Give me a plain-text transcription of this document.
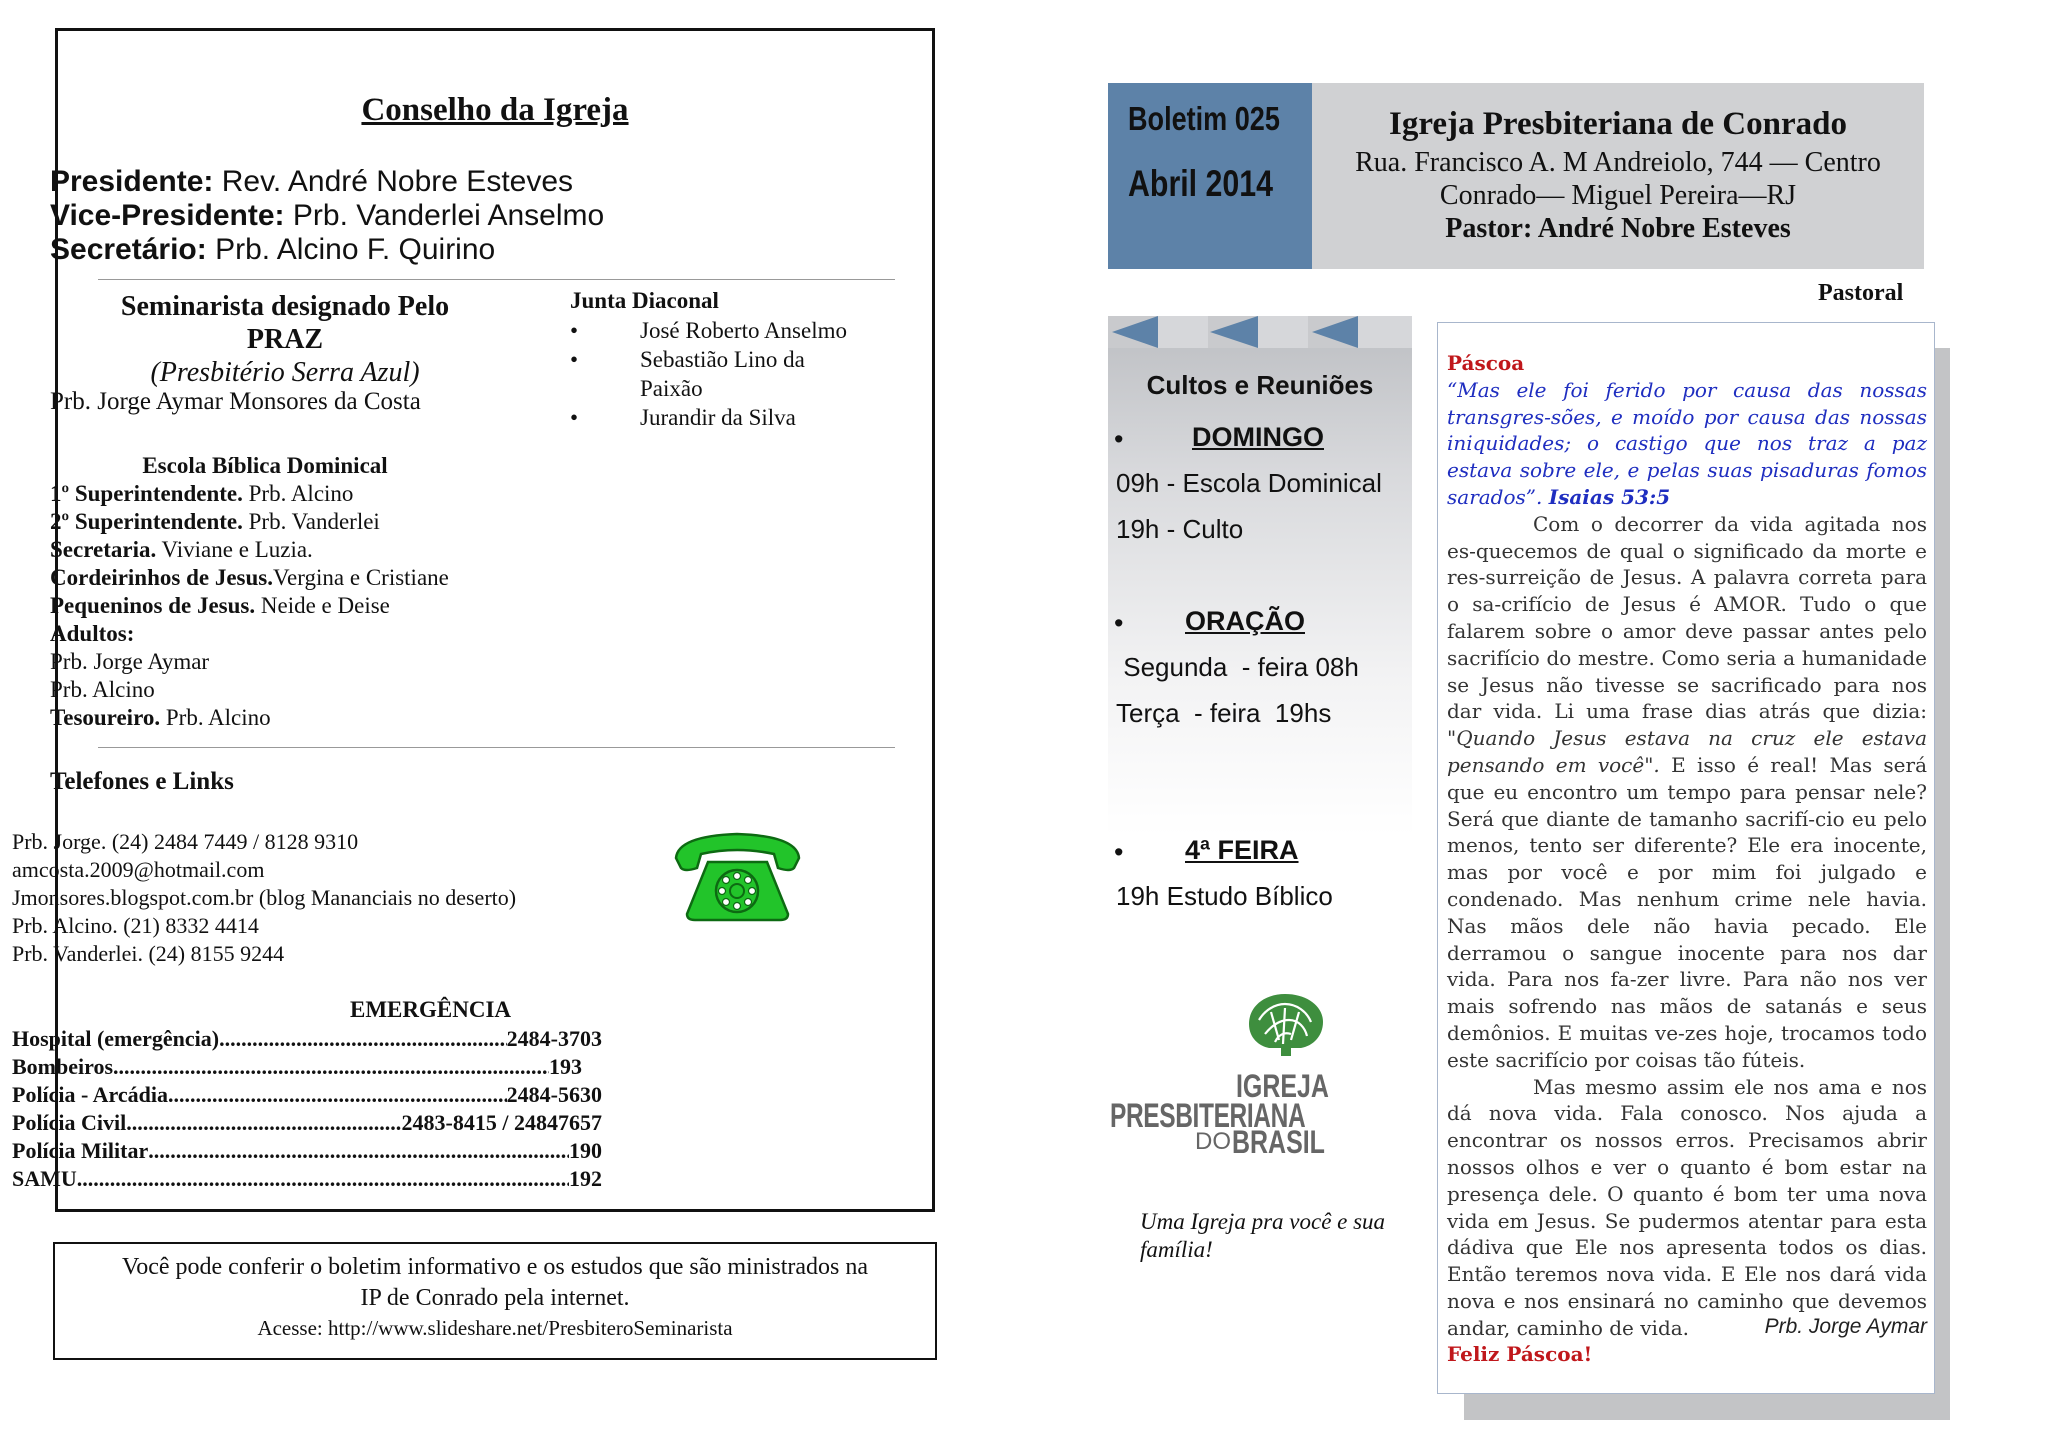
Conselho da Igreja
Presidente: Rev. André Nobre Esteves
Vice-Presidente: Prb. Vanderlei Anselmo
Secretário: Prb. Alcino F. Quirino
Seminarista designado Pelo
PRAZ
(Presbitério Serra Azul)
Prb. Jorge Aymar Monsores da Costa
Junta Diaconal
• José Roberto Anselmo
• Sebastião Lino da Paixão
• Jurandir da Silva
Escola Bíblica Dominical
1º Superintendente. Prb. Alcino
2º Superintendente. Prb. Vanderlei
Secretaria. Viviane e Luzia.
Cordeirinhos de Jesus.Vergina e Cristiane
Pequeninos de Jesus. Neide e Deise
Adultos:
Prb. Jorge Aymar
Prb. Alcino
Tesoureiro. Prb. Alcino
Telefones e Links
Prb. Jorge. (24) 2484 7449 / 8128 9310
amcosta.2009@hotmail.com
Jmonsores.blogspot.com.br (blog Mananciais no deserto)
Prb. Alcino. (21) 8332 4414
Prb. Vanderlei. (24) 8155 9244
EMERGÊNCIA
Hospital (emergência) .....	2484-3703
Bombeiros .....	193
Polícia - Arcádia .....	2484-5630
Polícia Civil .....	2483-8415 / 24847657
Polícia Militar .....	190
SAMU .....	192
Você pode conferir o boletim informativo e os estudos que são ministrados na
IP de Conrado pela internet.
Acesse: http://www.slideshare.net/PresbiteroSeminarista
Boletim 025
Abril 2014
Igreja Presbiteriana de Conrado
Rua. Francisco A. M Andreiolo, 744 — Centro
Conrado— Miguel Pereira—RJ
Pastor: André Nobre Esteves
Pastoral
Cultos e Reuniões
•	DOMINGO
09h - Escola Dominical
19h - Culto
• ORAÇÃO
Segunda  - feira 08h
Terça  - feira  19hs
• 4ª FEIRA
19h Estudo Bíblico
IGREJA
PRESBITERIANA
DO BRASIL
Uma Igreja pra você e sua família!

Páscoa

“Mas ele foi ferido por causa das nossas transgres-sões, e moído por causa das nossas iniquidades; o castigo que nos traz a paz estava sobre ele, e pelas suas pisaduras fomos sarados”. Isaias 53:5

Com o decorrer da vida agitada nos es-quecemos de qual o significado da morte e res-surreição de Jesus. A palavra correta para o sa-crifício de Jesus é AMOR. Tudo o que falarem sobre o amor deve passar antes pelo sacrifício do mestre. Como seria a humanidade se Jesus não tivesse se sacrificado para nos dar vida. Li uma frase dias atrás que dizia: "Quando Jesus estava na cruz ele estava pensando em você". E isso é real! Mas será que eu encontro um tempo para pensar nele? Será que diante de tamanho sacrifí-cio eu pelo menos, tento ser diferente? Ele era inocente, mas por você e por mim foi julgado e condenado. Mas nenhum crime nele havia. Nas mãos dele não havia pecado. Ele derramou o sangue inocente para nos dar vida. Para nos fa-zer livre. Para não nos ver mais sofrendo nas mãos de satanás e seus demônios. E muitas ve-zes hoje, trocamos todo este sacrifício por coisas tão fúteis.

Mas mesmo assim ele nos ama e nos dá nova vida. Fala conosco. Nos ajuda a encontrar os nossos erros. Precisamos abrir nossos olhos e ver o quanto é bom estar na presença dele. O quanto é bom ter uma nova vida em Jesus. Se pudermos atentar para esta dádiva que Ele nos apresenta todos os dias. Então teremos nova vida. E Ele nos dará vida nova e nos ensinará no caminho que devemos andar, caminho de vida.

Feliz Páscoa!

Prb. Jorge Aymar
